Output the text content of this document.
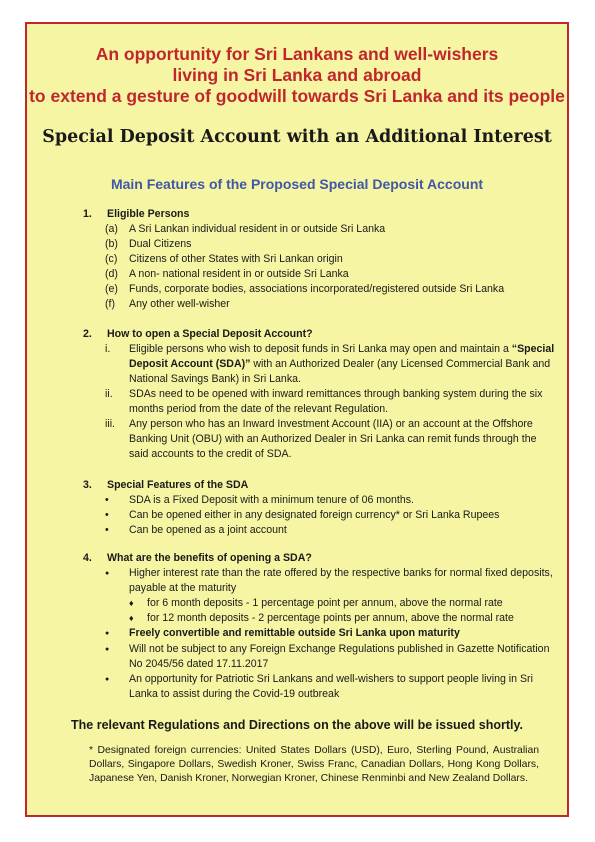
An opportunity for Sri Lankans and well-wishers
living in Sri Lanka and abroad
to extend a gesture of goodwill towards Sri Lanka and its people
Special Deposit Account with an Additional Interest
Main Features of the Proposed Special Deposit Account
1.	Eligible Persons
(a)	A Sri Lankan individual resident in or outside Sri Lanka
(b)	Dual Citizens
(c)	Citizens of other States with Sri Lankan origin
(d)	A non- national resident in or outside Sri Lanka
(e)	Funds, corporate bodies, associations incorporated/registered outside Sri Lanka
(f)	Any other well-wisher
2.	How to open a Special Deposit Account?
i.	Eligible persons who wish to deposit funds in Sri Lanka may open and maintain a “Special Deposit Account (SDA)” with an Authorized Dealer (any Licensed Commercial Bank and National Savings Bank) in Sri Lanka.
ii.	SDAs need to be opened with inward remittances through banking system during the six months period from the date of the relevant Regulation.
iii.	Any person who has an Inward Investment Account (IIA) or an account at the Offshore Banking Unit (OBU) with an Authorized Dealer in Sri Lanka can remit funds through the said accounts to the credit of SDA.
3.	Special Features of the SDA
•	SDA is a Fixed Deposit with a minimum tenure of 06 months.
•	Can be opened either in any designated foreign currency* or Sri Lanka Rupees
•	Can be opened as a joint account
4.	What are the benefits of opening a SDA?
●
Higher interest rate than the rate offered by the respective banks for normal fixed deposits, payable at the maturity
♦
for 6 month deposits - 1 percentage point per annum, above the normal rate
♦
for 12 month deposits - 2 percentage points per annum, above the normal rate
●
Freely convertible and remittable outside Sri Lanka upon maturity
●
Will not be subject to any Foreign Exchange Regulations published in Gazette Notification No 2045/56 dated 17.11.2017
●
An opportunity for Patriotic Sri Lankans and well-wishers to support people living in Sri Lanka to assist during the Covid-19 outbreak
The relevant Regulations and Directions on the above will be issued shortly.
* Designated foreign currencies: United States Dollars (USD), Euro, Sterling Pound, Australian Dollars, Singapore Dollars, Swedish Kroner, Swiss Franc, Canadian Dollars, Hong Kong Dollars, Japanese Yen, Danish Kroner, Norwegian Kroner, Chinese Renminbi and New Zealand Dollars.
